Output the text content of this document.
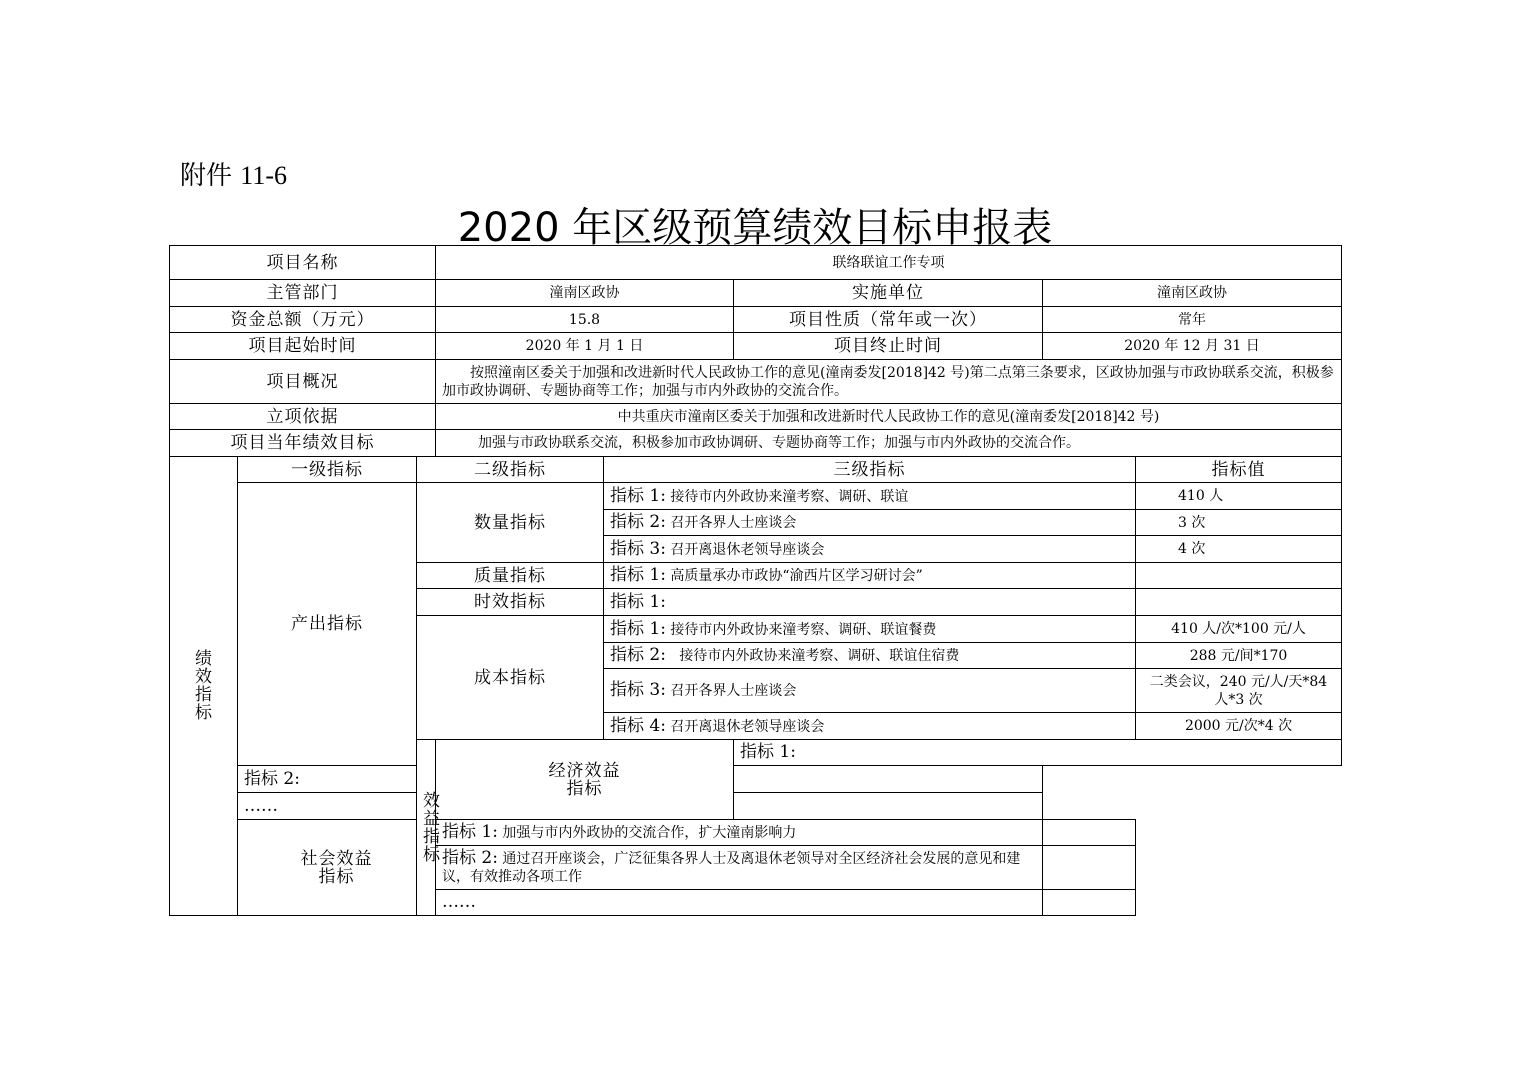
附件 11-6
2020 年区级预算绩效目标申报表
项目名称			联络联谊工作专项					
主管部门			潼南区政协		实施单位	潼南区政协		
资金总额（万元）			15.8		项目性质（常年或一次）	常年		
项目起始时间			2020 年 1 月 1 日		项目终止时间	2020 年 12 月 31 日		
项目概况			按照潼南区委关于加强和改进新时代人民政协工作的意见(潼南委发[2018]42 号)第二点第三条要求，区政协加强与市政协联系交流，积极参加市政协调研、专题协商等工作；加强与市内外政协的交流合作。					
立项依据			中共重庆市潼南区委关于加强和改进新时代人民政协工作的意见(潼南委发[2018]42 号)					
项目当年绩效目标			加强与市政协联系交流，积极参加市政协调研、专题协商等工作；加强与市内外政协的交流合作。					

绩效指标	一级指标	二级指标		三级指标			指标值	
	产出指标	数量指标		指标 1: 接待市内外政协来潼考察、调研、联谊			410 人	
				指标 2: 召开各界人士座谈会			3 次	
				指标 3: 召开离退休老领导座谈会			4 次	
		质量指标		指标 1: 高质量承办市政协“渝西片区学习研讨会”				
		时效指标		指标 1:				
		成本指标		指标 1: 接待市内外政协来潼考察、调研、联谊餐费			410 人/次*100 元/人	
				指标 2: 接待市内外政协来潼考察、调研、联谊住宿费			288 元/间*170	
				指标 3: 召开各界人士座谈会			二类会议，240 元/人/天*84 人*3 次	
				指标 4: 召开离退休老领导座谈会			2000 元/次*4 次	
		效益指标	经济效益指标		指标 1:			
	指标 2:							
	……							

	社会效益指标		指标 1: 加强与市内外政协的交流合作，扩大潼南影响力					
			指标 2: 通过召开座谈会，广泛征集各界人士及离退休老领导对全区经济社会发展的意见和建议，有效推动各项工作					
			……					
